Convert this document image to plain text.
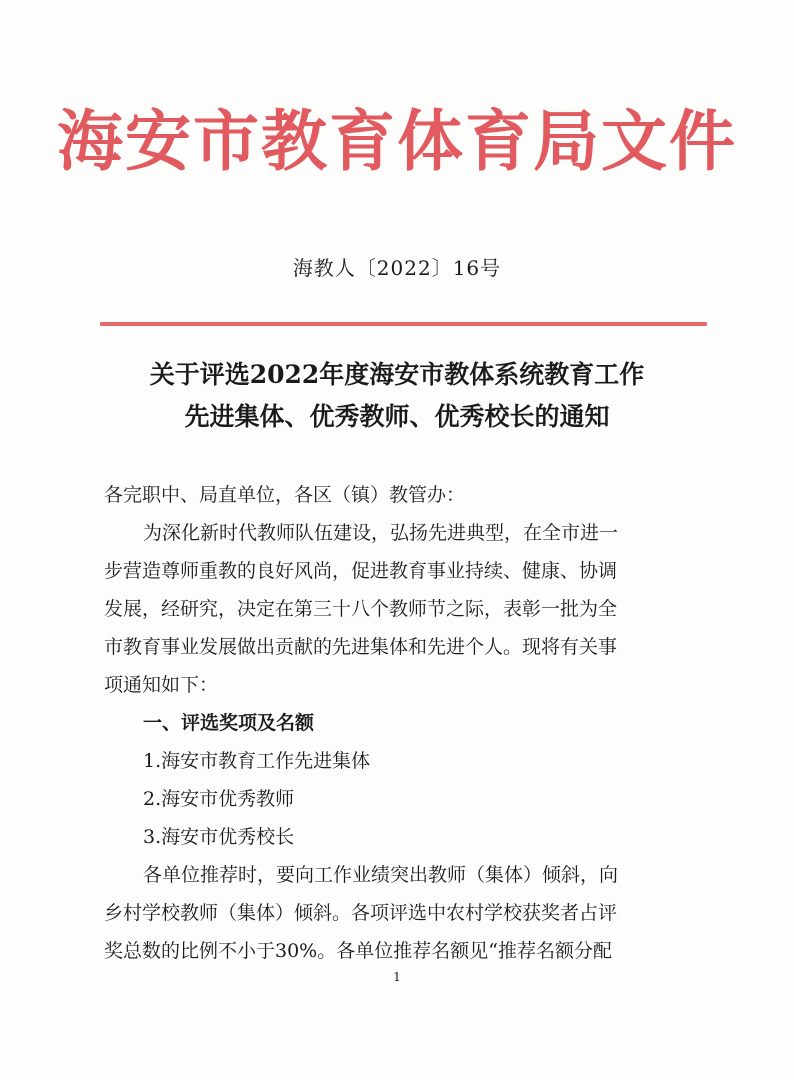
海安市教育体育局文件
海教人〔2022〕16号
关于评选2022年度海安市教体系统教育工作
先进集体、优秀教师、优秀校长的通知
各完职中、局直单位，各区（镇）教管办：
为深化新时代教师队伍建设，弘扬先进典型，在全市进一
步营造尊师重教的良好风尚，促进教育事业持续、健康、协调
发展，经研究，决定在第三十八个教师节之际，表彰一批为全
市教育事业发展做出贡献的先进集体和先进个人。现将有关事
项通知如下：
一、评选奖项及名额
1.海安市教育工作先进集体
2.海安市优秀教师
3.海安市优秀校长
各单位推荐时，要向工作业绩突出教师（集体）倾斜，向
乡村学校教师（集体）倾斜。各项评选中农村学校获奖者占评
奖总数的比例不小于30%。各单位推荐名额见“推荐名额分配
1
